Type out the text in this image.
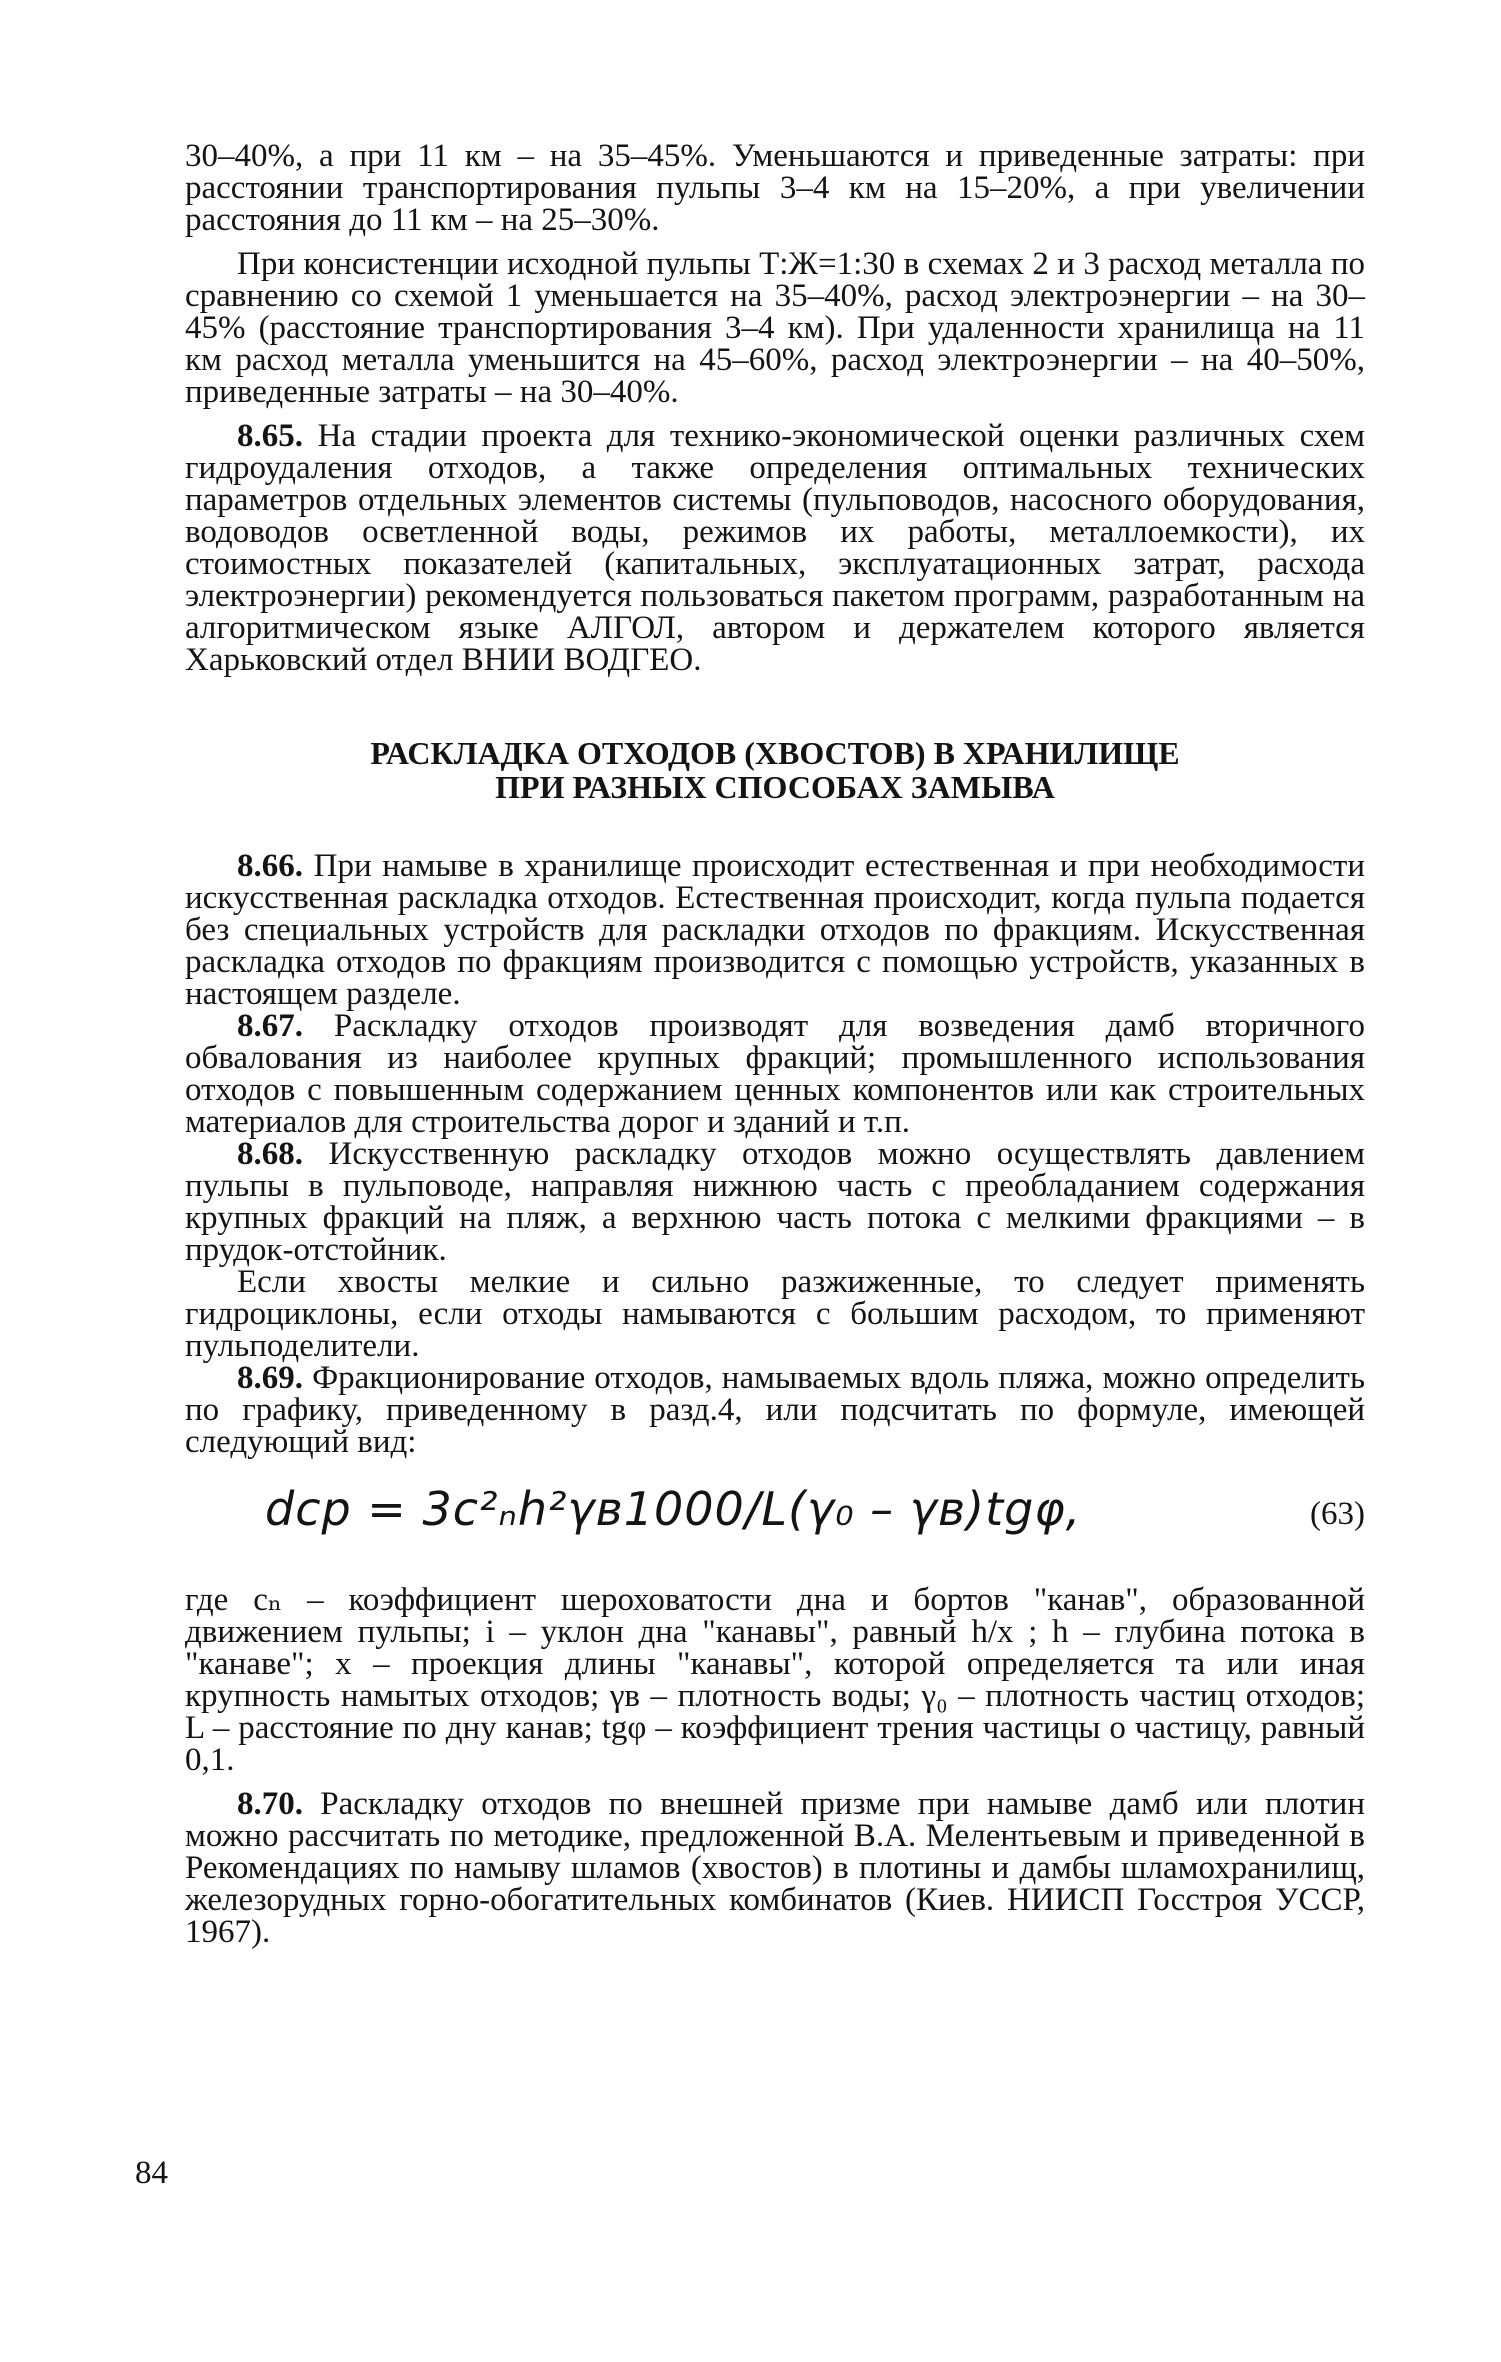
30–40%, а при 11 км – на 35–45%. Уменьшаются и приведенные затраты: при расстоянии транспортирования пульпы 3–4 км на 15–20%, а при увеличении расстояния до 11 км – на 25–30%.

При консистенции исходной пульпы Т:Ж=1:30 в схемах 2 и 3 расход металла по сравнению со схемой 1 уменьшается на 35–40%, расход электроэнергии – на 30–45% (расстояние транспортирования 3–4 км). При удаленности хранилища на 11 км расход металла уменьшится на 45–60%, расход электроэнергии – на 40–50%, приведенные затраты – на 30–40%.

8.65. На стадии проекта для технико-экономической оценки различных схем гидроудаления отходов, а также определения оптимальных технических параметров отдельных элементов системы (пульповодов, насосного оборудования, водоводов осветленной воды, режимов их работы, металлоемкости), их стоимостных показателей (капитальных, эксплуатационных затрат, расхода электроэнергии) рекомендуется пользоваться пакетом программ, разработанным на алгоритмическом языке АЛГОЛ, автором и держателем которого является Харьковский отдел ВНИИ ВОДГЕО.

РАСКЛАДКА ОТХОДОВ (ХВОСТОВ) В ХРАНИЛИЩЕ
ПРИ РАЗНЫХ СПОСОБАХ ЗАМЫВА

8.66. При намыве в хранилище происходит естественная и при необходимости искусственная раскладка отходов. Естественная происходит, когда пульпа подается без специальных устройств для раскладки отходов по фракциям. Искусственная раскладка отходов по фракциям производится с помощью устройств, указанных в настоящем разделе.

8.67. Раскладку отходов производят для возведения дамб вторичного обвалования из наиболее крупных фракций; промышленного использования отходов с повышенным содержанием ценных компонентов или как строительных материалов для строительства дорог и зданий и т.п.

8.68. Искусственную раскладку отходов можно осуществлять давлением пульпы в пульповоде, направляя нижнюю часть с преобладанием содержания крупных фракций на пляж, а верхнюю часть потока с мелкими фракциями – в прудок-отстойник.

Если хвосты мелкие и сильно разжиженные, то следует применять гидроциклоны, если отходы намываются с большим расходом, то применяют пульподелители.

8.69. Фракционирование отходов, намываемых вдоль пляжа, можно определить по графику, приведенному в разд.4, или подсчитать по формуле, имеющей следующий вид:

dср = 3c²ₙh²γв1000/L(γ₀ – γв)tgφ,	(63)

где cₙ – коэффициент шероховатости дна и бортов "канав", образованной движением пульпы; i – уклон дна "канавы", равный h/x ; h – глубина потока в "канаве"; x – проекция длины "канавы", которой определяется та или иная крупность намытых отходов; γв – плотность воды; γ₀ – плотность частиц отходов; L – расстояние по дну канав; tgφ – коэффициент трения частицы о частицу, равный 0,1.

8.70. Раскладку отходов по внешней призме при намыве дамб или плотин можно рассчитать по методике, предложенной В.А. Мелентьевым и приведенной в Рекомендациях по намыву шламов (хвостов) в плотины и дамбы шламохранилищ, железорудных горно-обогатительных комбинатов (Киев. НИИСП Госстроя УССР, 1967).

84
